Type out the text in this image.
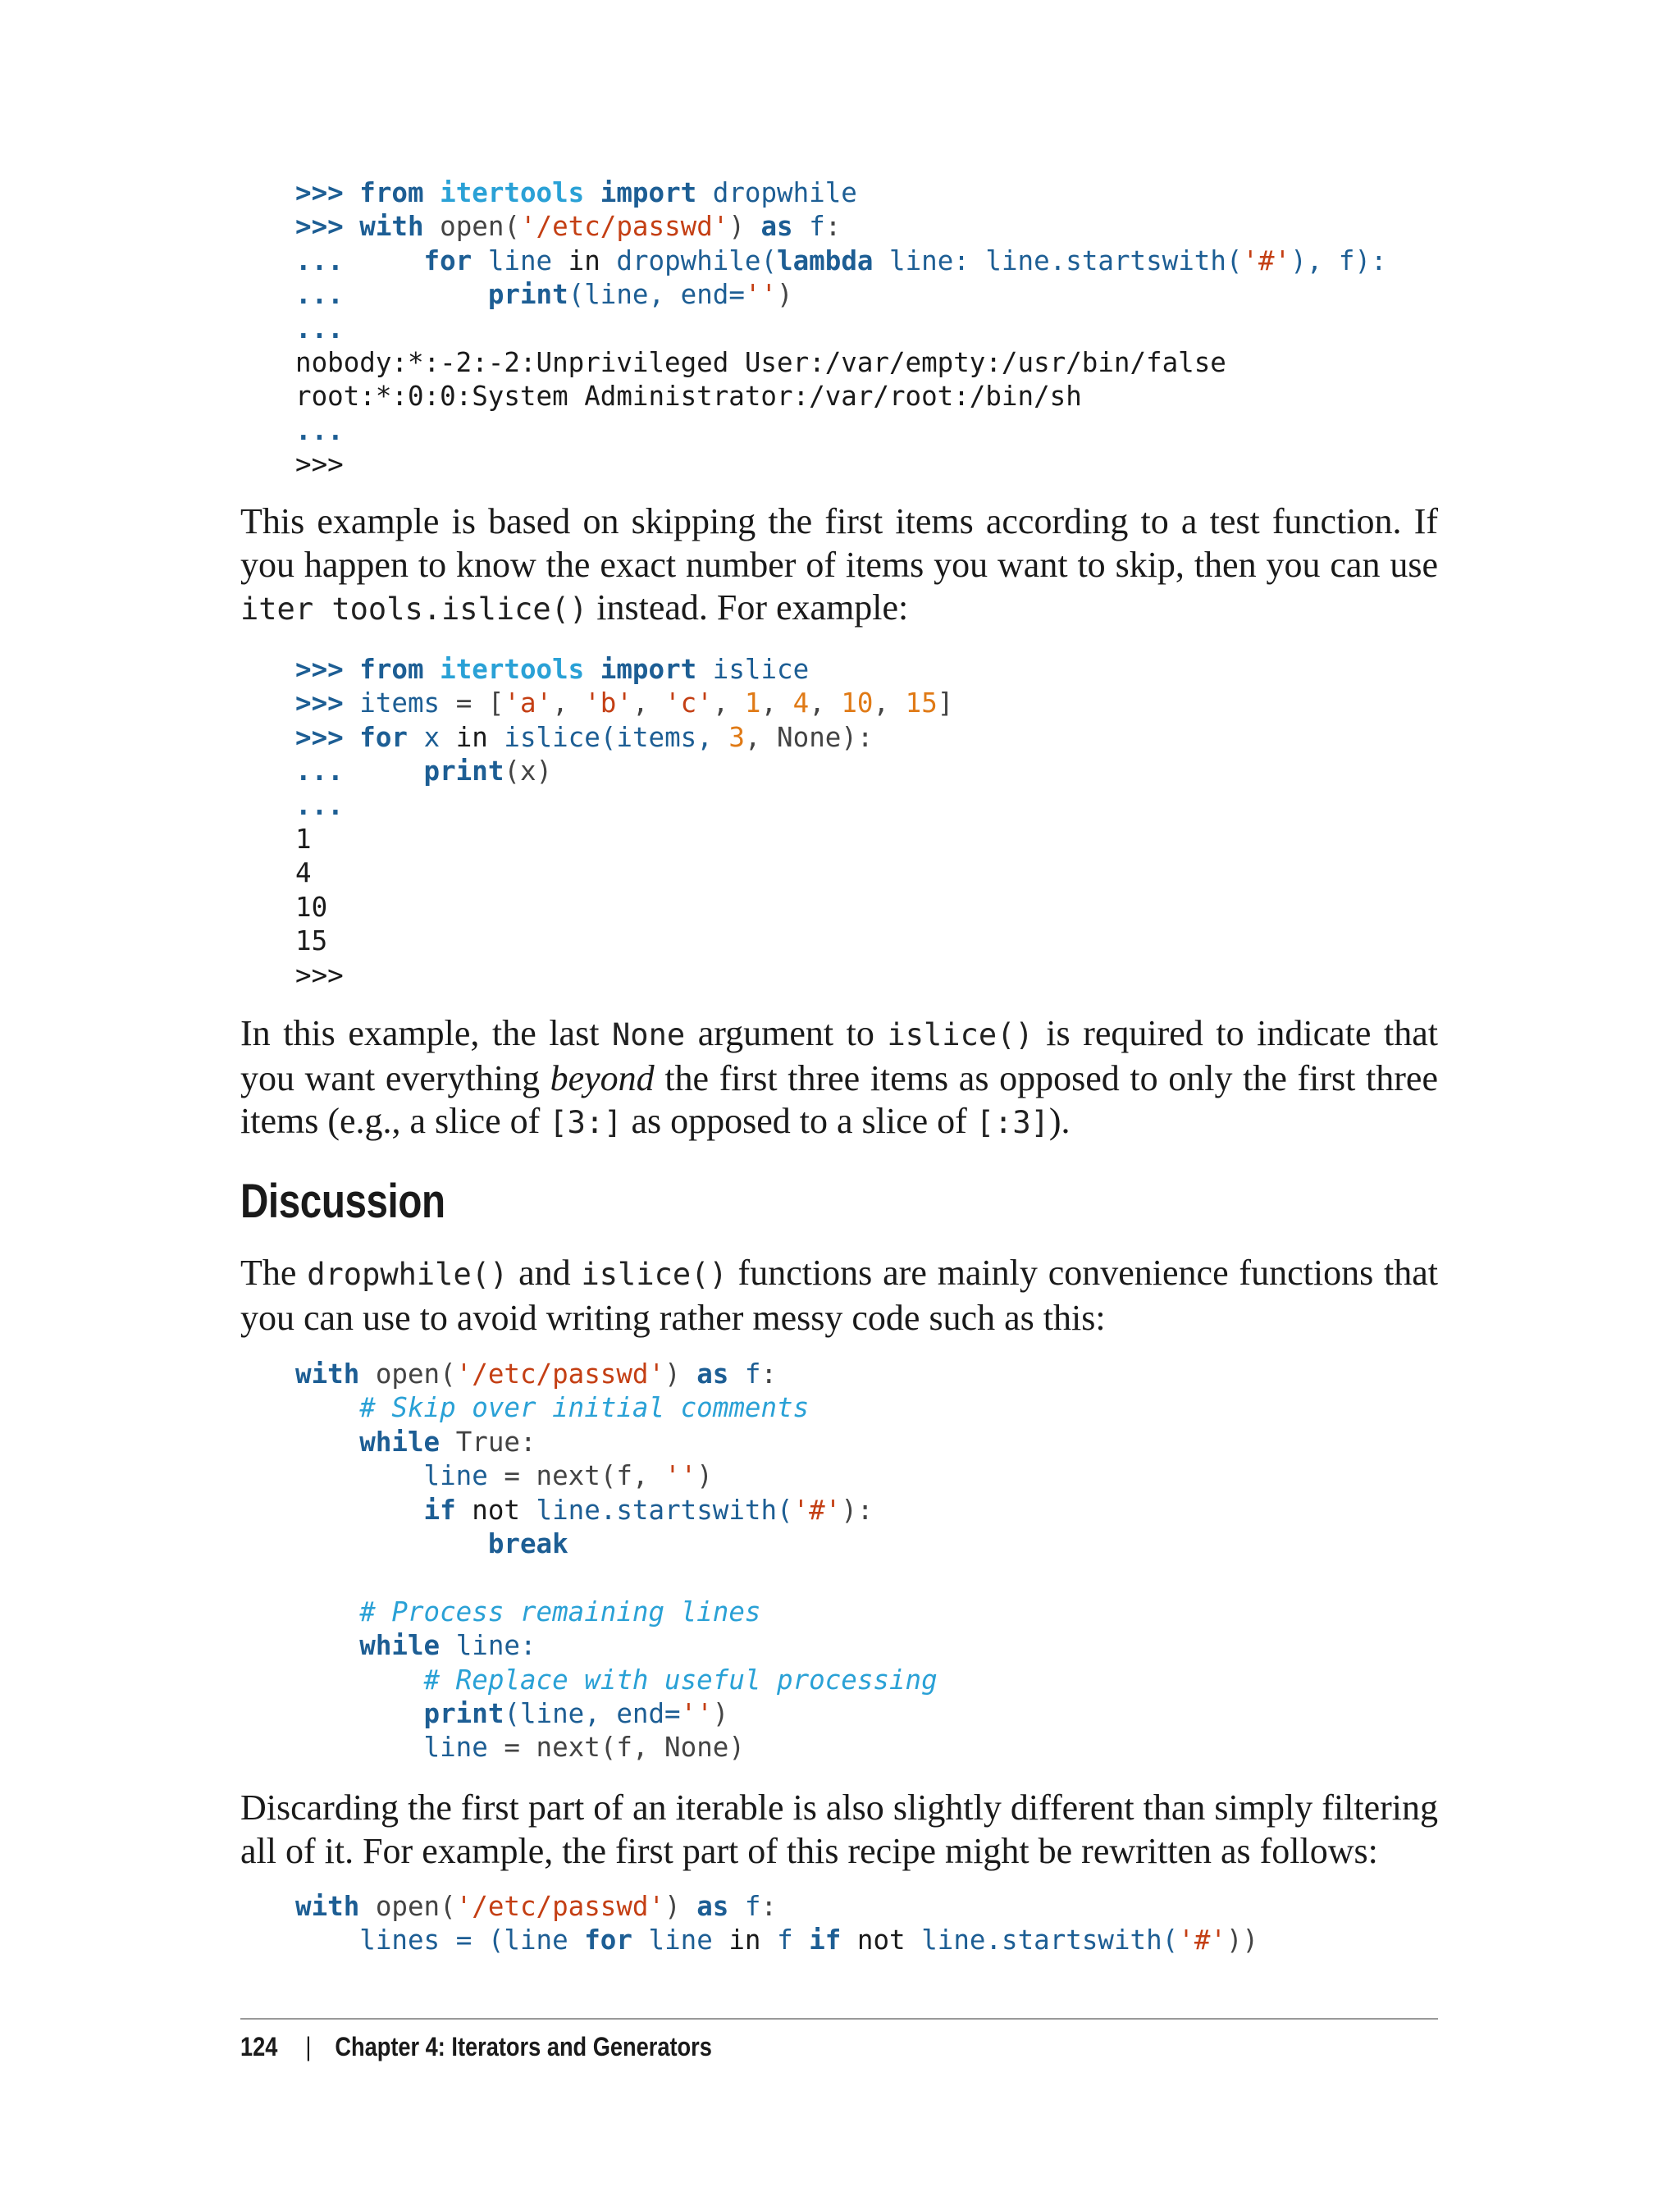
>>> from itertools import dropwhile
>>> with open('/etc/passwd') as f:
...     for line in dropwhile(lambda line: line.startswith('#'), f):
...         print(line, end='')
...
nobody:*:-2:-2:Unprivileged User:/var/empty:/usr/bin/false
root:*:0:0:System Administrator:/var/root:/bin/sh
...
>>>

This example is based on skipping the first items according to a test function. If you happen to know the exact number of items you want to skip, then you can use iter tools.islice() instead. For example:

>>> from itertools import islice
>>> items = ['a', 'b', 'c', 1, 4, 10, 15]
>>> for x in islice(items, 3, None):
...     print(x)
...
1
4
10
15
>>>

In this example, the last None argument to islice() is required to indicate that you want everything beyond the first three items as opposed to only the first three items (e.g., a slice of [3:] as opposed to a slice of [:3]).

Discussion

The dropwhile() and islice() functions are mainly convenience functions that you can use to avoid writing rather messy code such as this:

with open('/etc/passwd') as f:
# Skip over initial comments
while True:
line = next(f, '')
if not line.startswith('#'):
break
# Process remaining lines
while line:
# Replace with useful processing
print(line, end='')
line = next(f, None)

Discarding the first part of an iterable is also slightly different than simply filtering all of it. For example, the first part of this recipe might be rewritten as follows:

with open('/etc/passwd') as f:
lines = (line for line in f if not line.startswith('#'))
124 | Chapter 4: Iterators and Generators
